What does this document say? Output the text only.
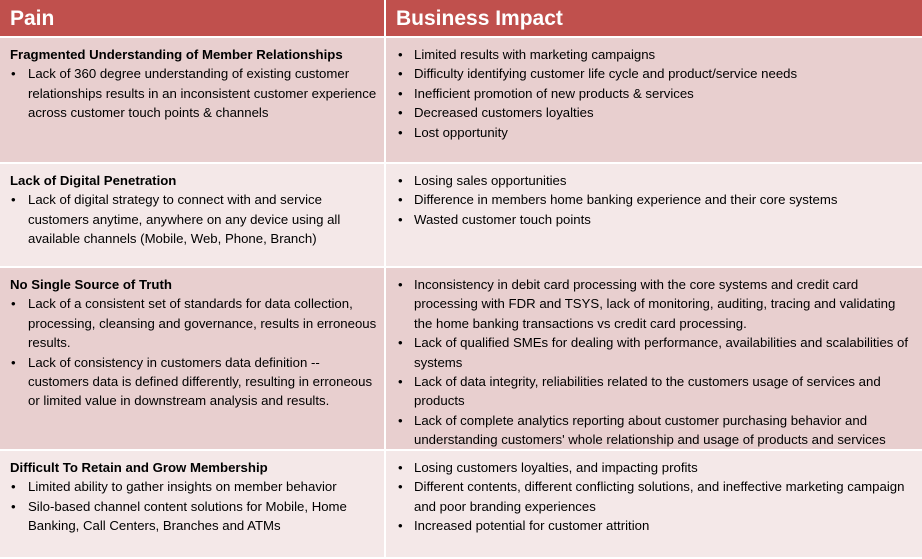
Pain	Business Impact

Fragmented Understanding of Member Relationships

• Lack of 360 degree understanding of existing customer relationships results in an inconsistent customer experience across customer touch points & channels
• Limited results with marketing campaigns
• Difficulty identifying customer life cycle and product/service needs
• Inefficient promotion of new products & services
• Decreased customers loyalties
• Lost opportunity

Lack of Digital Penetration

• Lack of digital strategy to connect with and service customers anytime, anywhere on any device using all available channels (Mobile, Web, Phone, Branch)
• Losing sales opportunities
• Difference in members home banking experience and their core systems
• Wasted customer touch points

No Single Source of Truth

• Lack of a consistent set of standards for data collection, processing, cleansing and governance, results in erroneous results.
• Lack of consistency in customers data definition -- customers data is defined differently, resulting in erroneous or limited value in downstream analysis and results.
• Inconsistency in debit card processing with the core systems and credit card processing with FDR and TSYS, lack of monitoring, auditing, tracing and validating the home banking transactions vs credit card processing.
• Lack of qualified SMEs for dealing with performance, availabilities and scalabilities of systems
• Lack of data integrity, reliabilities related to the customers usage of services and products
• Lack of complete analytics reporting about customer purchasing behavior and understanding customers' whole relationship and usage of products and services

Difficult To Retain and Grow Membership

• Limited ability to gather insights on member behavior
• Silo-based channel content solutions for Mobile, Home Banking, Call Centers, Branches and ATMs
• Losing customers loyalties, and impacting profits
• Different contents, different conflicting solutions, and ineffective marketing campaign and poor branding experiences
• Increased potential for customer attrition
